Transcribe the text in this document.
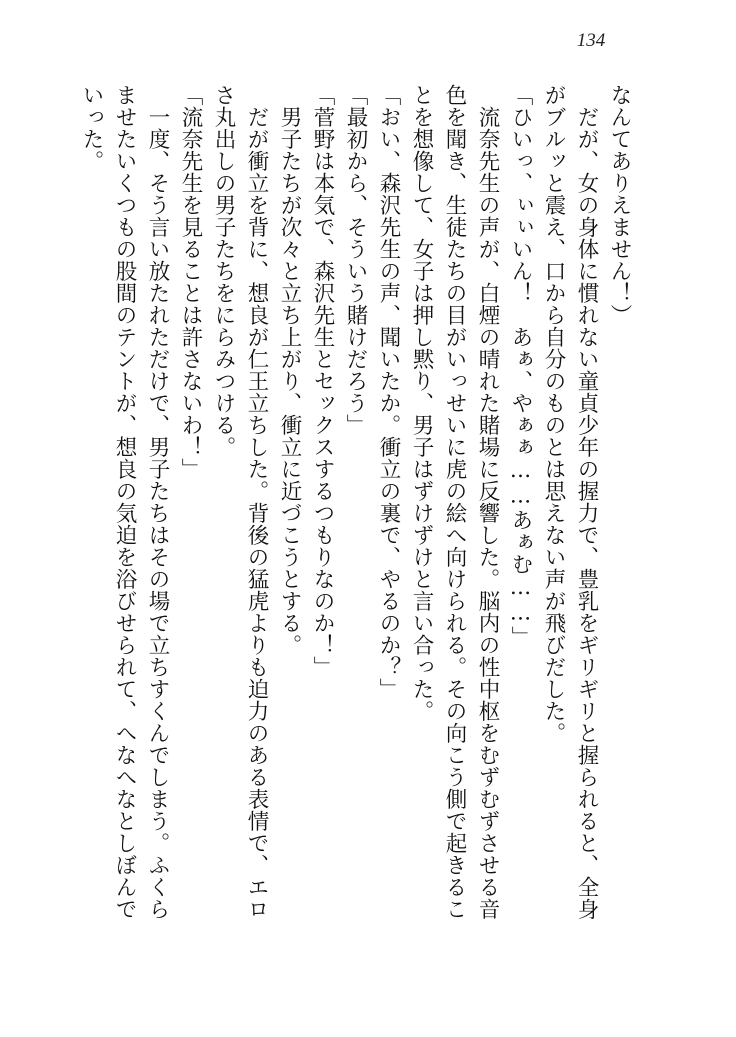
134
なんてありえません！）
　だが、女の身体に慣れない童貞少年の握力で、豊乳をギリギリと握られると、全身
がブルッと震え、口から自分のものとは思えない声が飛びだした。
「ひいっ、ぃぃいん！　あぁ、やぁぁ……あぁむ……」
　流奈先生の声が、白煙の晴れた賭場に反響した。脳内の性中枢をむずむずさせる音
色を聞き、生徒たちの目がいっせいに虎の絵へ向けられる。その向こう側で起きるこ
とを想像して、女子は押し黙り、男子はずけずけと言い合った。
「おい、森沢先生の声、聞いたか。衝立の裏で、やるのか？」
「最初から、そういう賭けだろう」
「菅野は本気で、森沢先生とセックスするつもりなのか！」
　男子たちが次々と立ち上がり、衝立に近づこうとする。
　だが衝立を背に、想良が仁王立ちした。背後の猛虎よりも迫力のある表情で、エロ
さ丸出しの男子たちをにらみつける。
「流奈先生を見ることは許さないわ！」
　一度、そう言い放たれただけで、男子たちはその場で立ちすくんでしまう。ふくら
ませたいくつもの股間のテントが、想良の気迫を浴びせられて、へなへなとしぼんで
いった。
